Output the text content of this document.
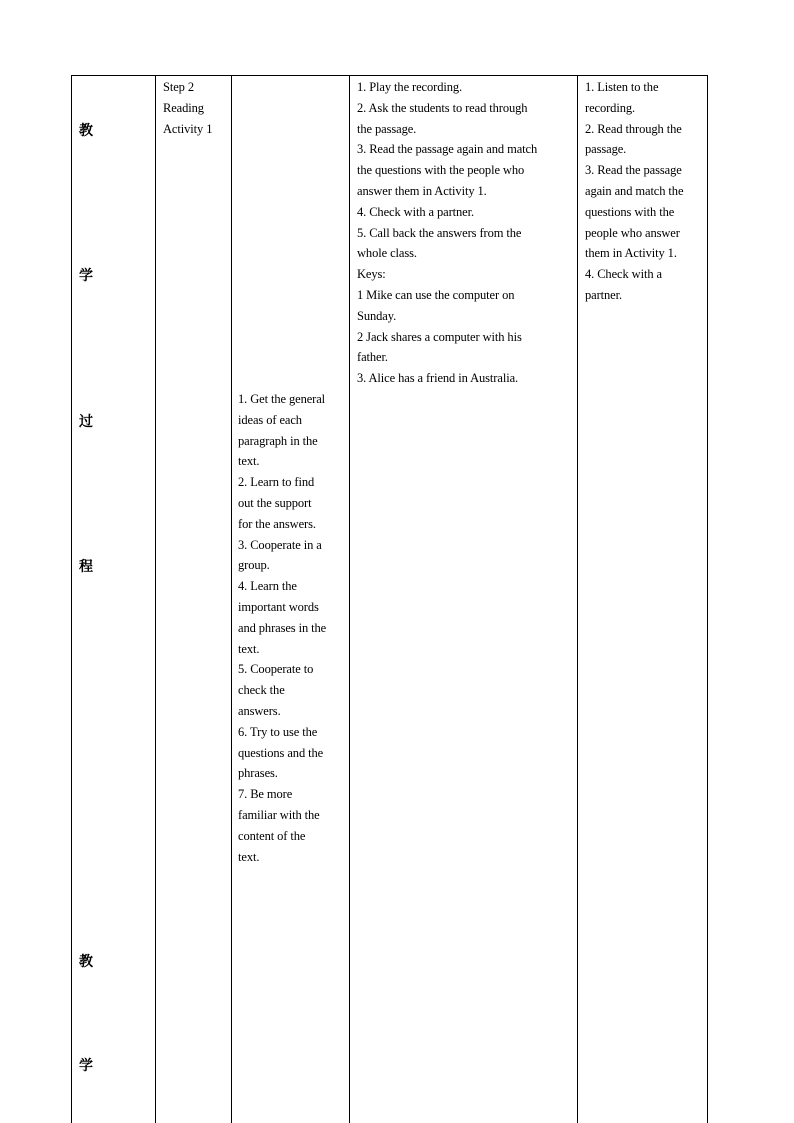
教
学
过
程
教
学
Step 2
Reading
Activity 1
1. Get the general
ideas of each
paragraph in the
text.
2. Learn to find
out the support
for the answers.
3. Cooperate in a
group.
4. Learn the
important words
and phrases in the
text.
5. Cooperate to
check the
answers.
6. Try to use the
questions and the
phrases.
7. Be more
familiar with the
content of the
text.
1. Play the recording.
2. Ask the students to read through
the passage.
3. Read the passage again and match
the questions with the people who
answer them in Activity 1.
4. Check with a partner.
5. Call back the answers from the
whole class.
Keys:
1 Mike can use the computer on
Sunday.
2 Jack shares a computer with his
father.
3. Alice has a friend in Australia.
1. Listen to the
recording.
2. Read through the
passage.
3. Read the passage
again and match the
questions with the
people who answer
them in Activity 1.
4. Check with a
partner.
